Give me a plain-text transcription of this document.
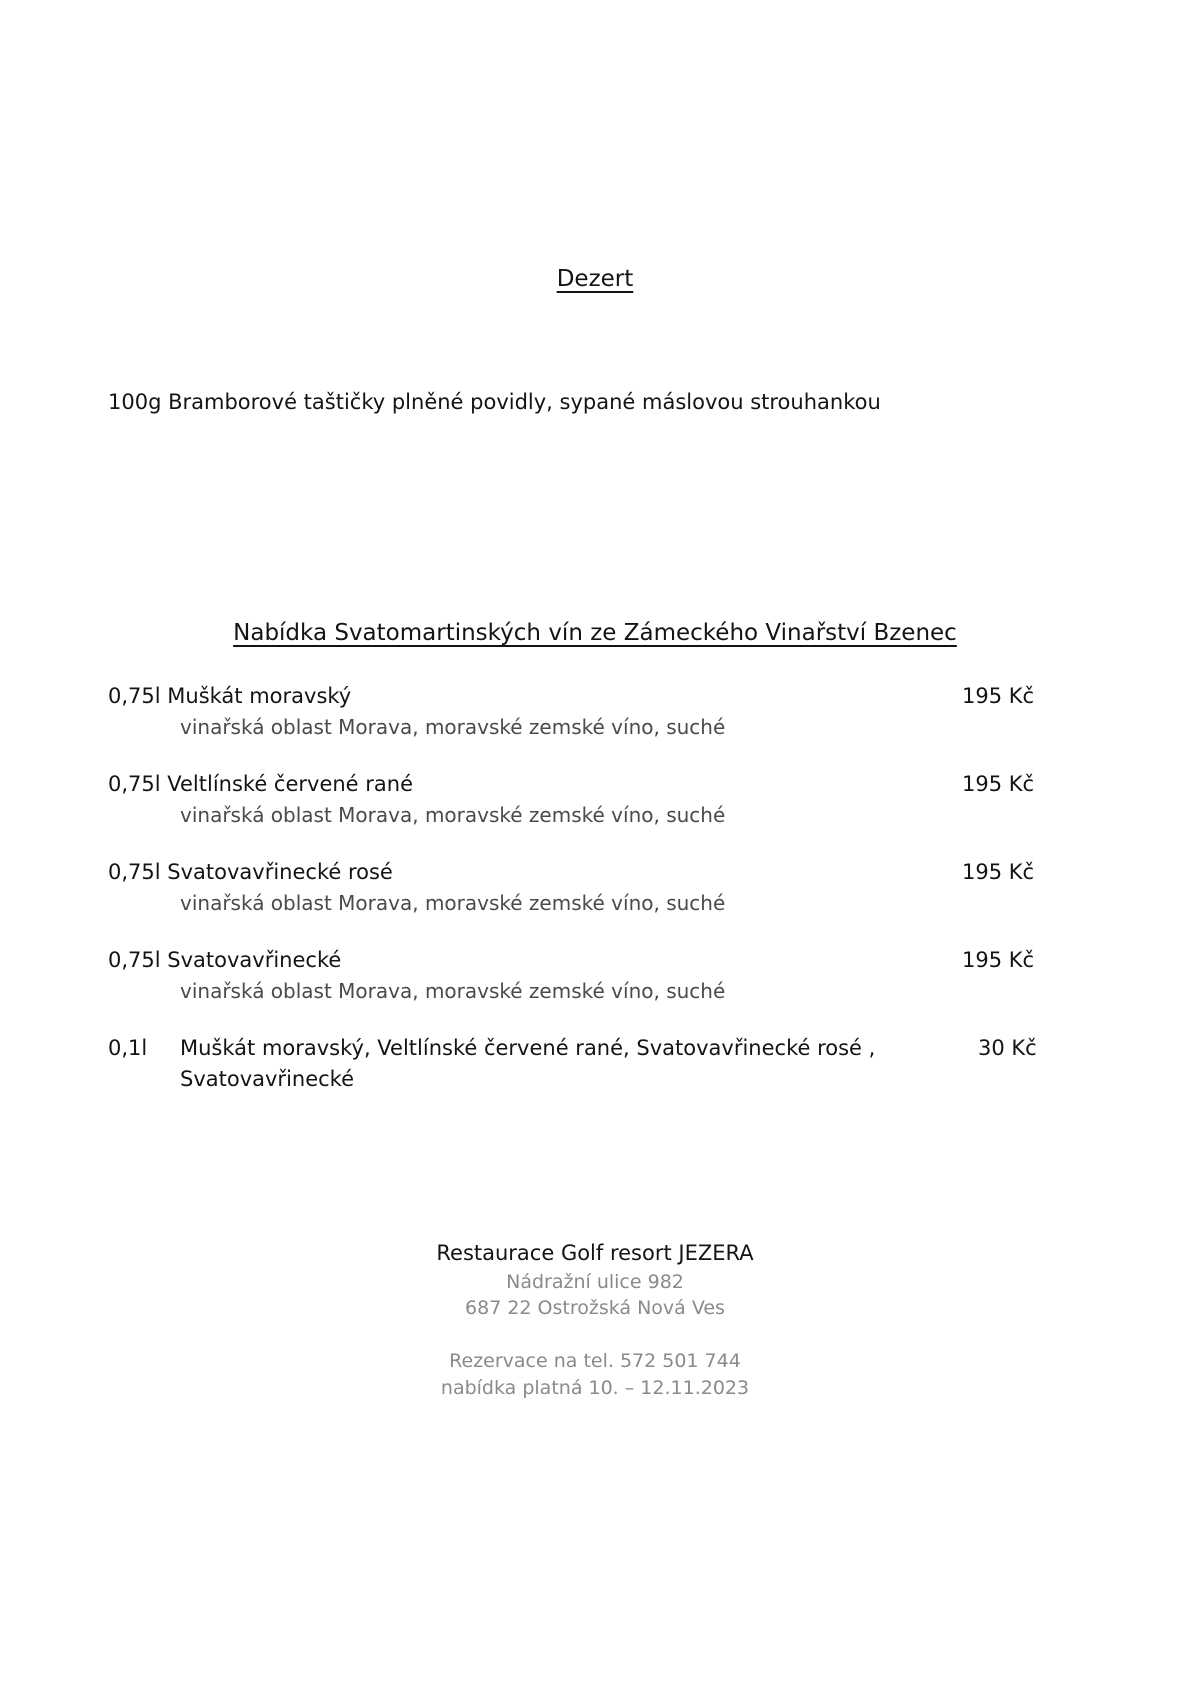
Dezert
100g Bramborové taštičky plněné povidly, sypané máslovou strouhankou
Nabídka Svatomartinských vín ze Zámeckého Vinařství Bzenec
0,75l Muškát moravský
vinařská oblast Morava, moravské zemské víno, suché
195 Kč
0,75l Veltlínské červené rané
vinařská oblast Morava, moravské zemské víno, suché
195 Kč
0,75l Svatovavřinecké rosé
vinařská oblast Morava, moravské zemské víno, suché
195 Kč
0,75l Svatovavřinecké
vinařská oblast Morava, moravské zemské víno, suché
195 Kč
0,1l Muškát moravský, Veltlínské červené rané, Svatovavřinecké rosé ,
Svatovavřinecké
30 Kč
Restaurace Golf resort JEZERA
Nádražní ulice 982
687 22 Ostrožská Nová Ves
Rezervace na tel. 572 501 744
nabídka platná 10. – 12.11.2023
